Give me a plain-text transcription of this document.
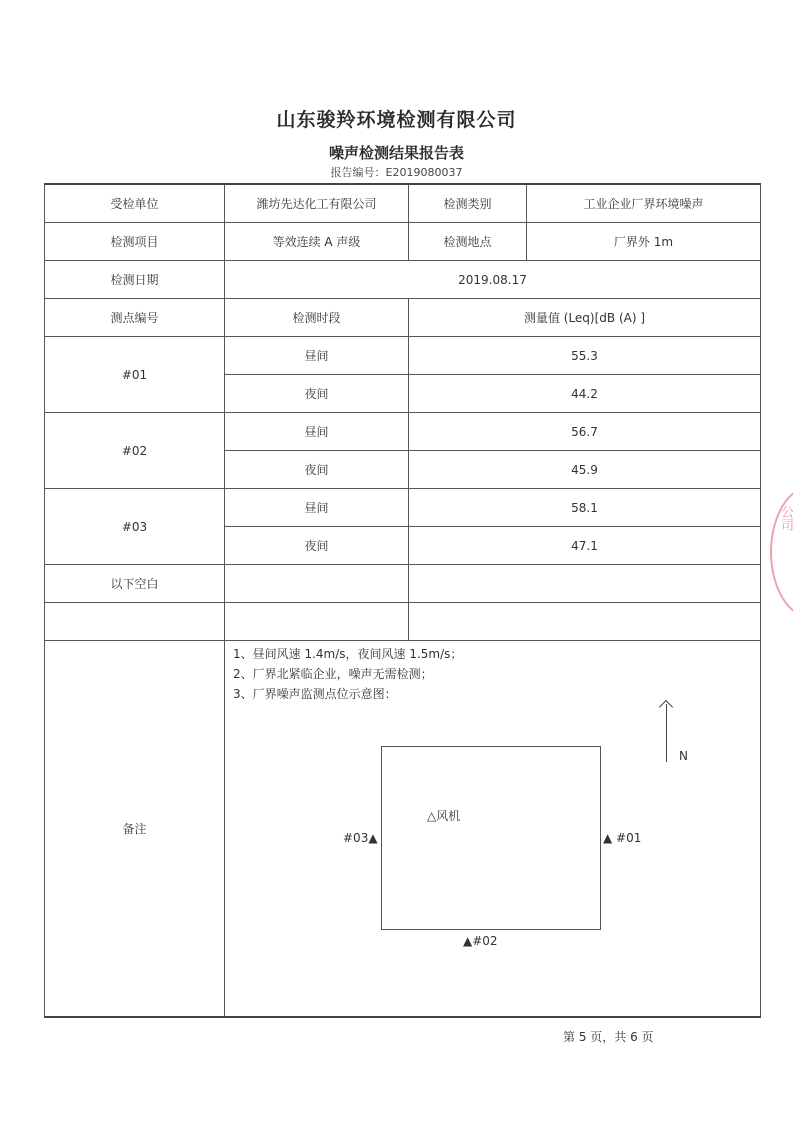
山东骏羚环境检测有限公司
噪声检测结果报告表
报告编号：E2019080037
受检单位	潍坊先达化工有限公司	检测类别	工业企业厂界环境噪声
检测项目	等效连续 A 声级	检测地点	厂界外 1m
检测日期	2019.08.17		
测点编号	检测时段	测量值 (Leq)[dB (A) ]	
#01	昼间	55.3	
	夜间	44.2	
#02	昼间	56.7	
	夜间	45.9	
#03	昼间	58.1	
	夜间	47.1	
以下空白			

备注	
1、昼间风速 1.4m/s，夜间风速 1.5m/s；
2、厂界北紧临企业，噪声无需检测；
3、厂界噪声监测点位示意图：
△风机
▲ #01
▲#02
#03▲
N
第 5 页，共 6 页
公司
